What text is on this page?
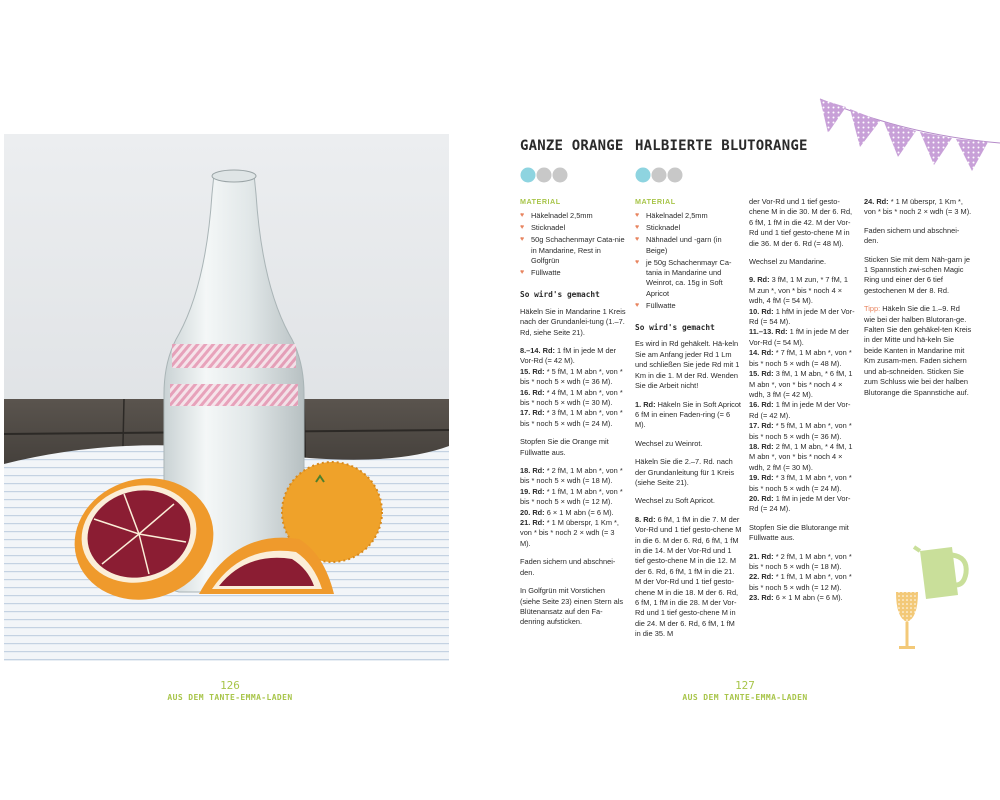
126
AUS DEM TANTE-EMMA-LADEN
127
AUS DEM TANTE-EMMA-LADEN
GANZE ORANGE HALBIERTE BLUTORANGE
MATERIAL
♥ Häkelnadel 2,5mm
♥ Sticknadel
♥ 50g Schachenmayr Cata-nie in Mandarine, Rest in Golfgrün
♥ Füllwatte
So wird's gemacht

Häkeln Sie in Mandarine 1 Kreis nach der Grundanlei-tung (1.–7. Rd, siehe Seite 21).

8.–14. Rd: 1 fM in jede M der Vor-Rd (= 42 M).
15. Rd: * 5 fM, 1 M abn *, von * bis * noch 5 × wdh (= 36 M).
16. Rd: * 4 fM, 1 M abn *, von * bis * noch 5 × wdh (= 30 M).
17. Rd: * 3 fM, 1 M abn *, von * bis * noch 5 × wdh (= 24 M).

Stopfen Sie die Orange mit Füllwatte aus.

18. Rd: * 2 fM, 1 M abn *, von * bis * noch 5 × wdh (= 18 M).
19. Rd: * 1 fM, 1 M abn *, von * bis * noch 5 × wdh (= 12 M).
20. Rd: 6 × 1 M abn (= 6 M).
21. Rd: * 1 M überspr, 1 Km *, von * bis * noch 2 × wdh (= 3 M).

Faden sichern und abschnei-den.

In Golfgrün mit Vorstichen (siehe Seite 23) einen Stern als Blütenansatz auf den Fa-denring aufsticken.

MATERIAL
♥ Häkelnadel 2,5mm
♥ Sticknadel
♥ Nähnadel und -garn (in Beige)
♥ je 50g Schachenmayr Ca-tania in Mandarine und Weinrot, ca. 15g in Soft Apricot
♥ Füllwatte
So wird's gemacht

Es wird in Rd gehäkelt. Hä-keln Sie am Anfang jeder Rd 1 Lm und schließen Sie jede Rd mit 1 Km in die 1. M der Rd. Wenden Sie die Arbeit nicht!

1. Rd: Häkeln Sie in Soft Apricot 6 fM in einen Faden-ring (= 6 M).

Wechsel zu Weinrot.

Häkeln Sie die 2.–7. Rd. nach der Grundanleitung für 1 Kreis (siehe Seite 21).

Wechsel zu Soft Apricot.

8. Rd: 6 fM, 1 fM in die 7. M der Vor-Rd und 1 tief gesto-chene M in die 6. M der 6. Rd, 6 fM, 1 fM in die 14. M der Vor-Rd und 1 tief gesto-chene M in die 12. M der 6. Rd, 6 fM, 1 fM in die 21. M der Vor-Rd und 1 tief gesto-chene M in die 18. M der 6. Rd, 6 fM, 1 fM in die 28. M der Vor-Rd und 1 tief gesto-chene M in die 24. M der 6. Rd, 6 fM, 1 fM in die 35. M

der Vor-Rd und 1 tief gesto-chene M in die 30. M der 6. Rd, 6 fM, 1 fM in die 42. M der Vor-Rd und 1 tief gesto-chene M in die 36. M der 6. Rd (= 48 M).

Wechsel zu Mandarine.

9. Rd: 3 fM, 1 M zun, * 7 fM, 1 M zun *, von * bis * noch 4 × wdh, 4 fM (= 54 M).
10. Rd: 1 hfM in jede M der Vor-Rd (= 54 M).
11.–13. Rd: 1 fM in jede M der Vor-Rd (= 54 M).
14. Rd: * 7 fM, 1 M abn *, von * bis * noch 5 × wdh (= 48 M).
15. Rd: 3 fM, 1 M abn, * 6 fM, 1 M abn *, von * bis * noch 4 × wdh, 3 fM (= 42 M).
16. Rd: 1 fM in jede M der Vor-Rd (= 42 M).
17. Rd: * 5 fM, 1 M abn *, von * bis * noch 5 × wdh (= 36 M).
18. Rd: 2 fM, 1 M abn, * 4 fM, 1 M abn *, von * bis * noch 4 × wdh, 2 fM (= 30 M).
19. Rd: * 3 fM, 1 M abn *, von * bis * noch 5 × wdh (= 24 M).
20. Rd: 1 fM in jede M der Vor-Rd (= 24 M).

Stopfen Sie die Blutorange mit Füllwatte aus.

21. Rd: * 2 fM, 1 M abn *, von * bis * noch 5 × wdh (= 18 M).
22. Rd: * 1 fM, 1 M abn *, von * bis * noch 5 × wdh (= 12 M).
23. Rd: 6 × 1 M abn (= 6 M).

24. Rd: * 1 M überspr, 1 Km *, von * bis * noch 2 × wdh (= 3 M).

Faden sichern und abschnei-den.

Sticken Sie mit dem Näh-garn je 1 Spannstich zwi-schen Magic Ring und einer der 6 tief gestochenen M der 8. Rd.

Tipp: Häkeln Sie die 1.–9. Rd wie bei der halben Blutoran-ge. Falten Sie den gehäkel-ten Kreis in der Mitte und hä-keln Sie beide Kanten in Mandarine mit Km zusam-men. Faden sichern und ab-schneiden. Sticken Sie zum Schluss wie bei der halben Blutorange die Spannstiche auf.
